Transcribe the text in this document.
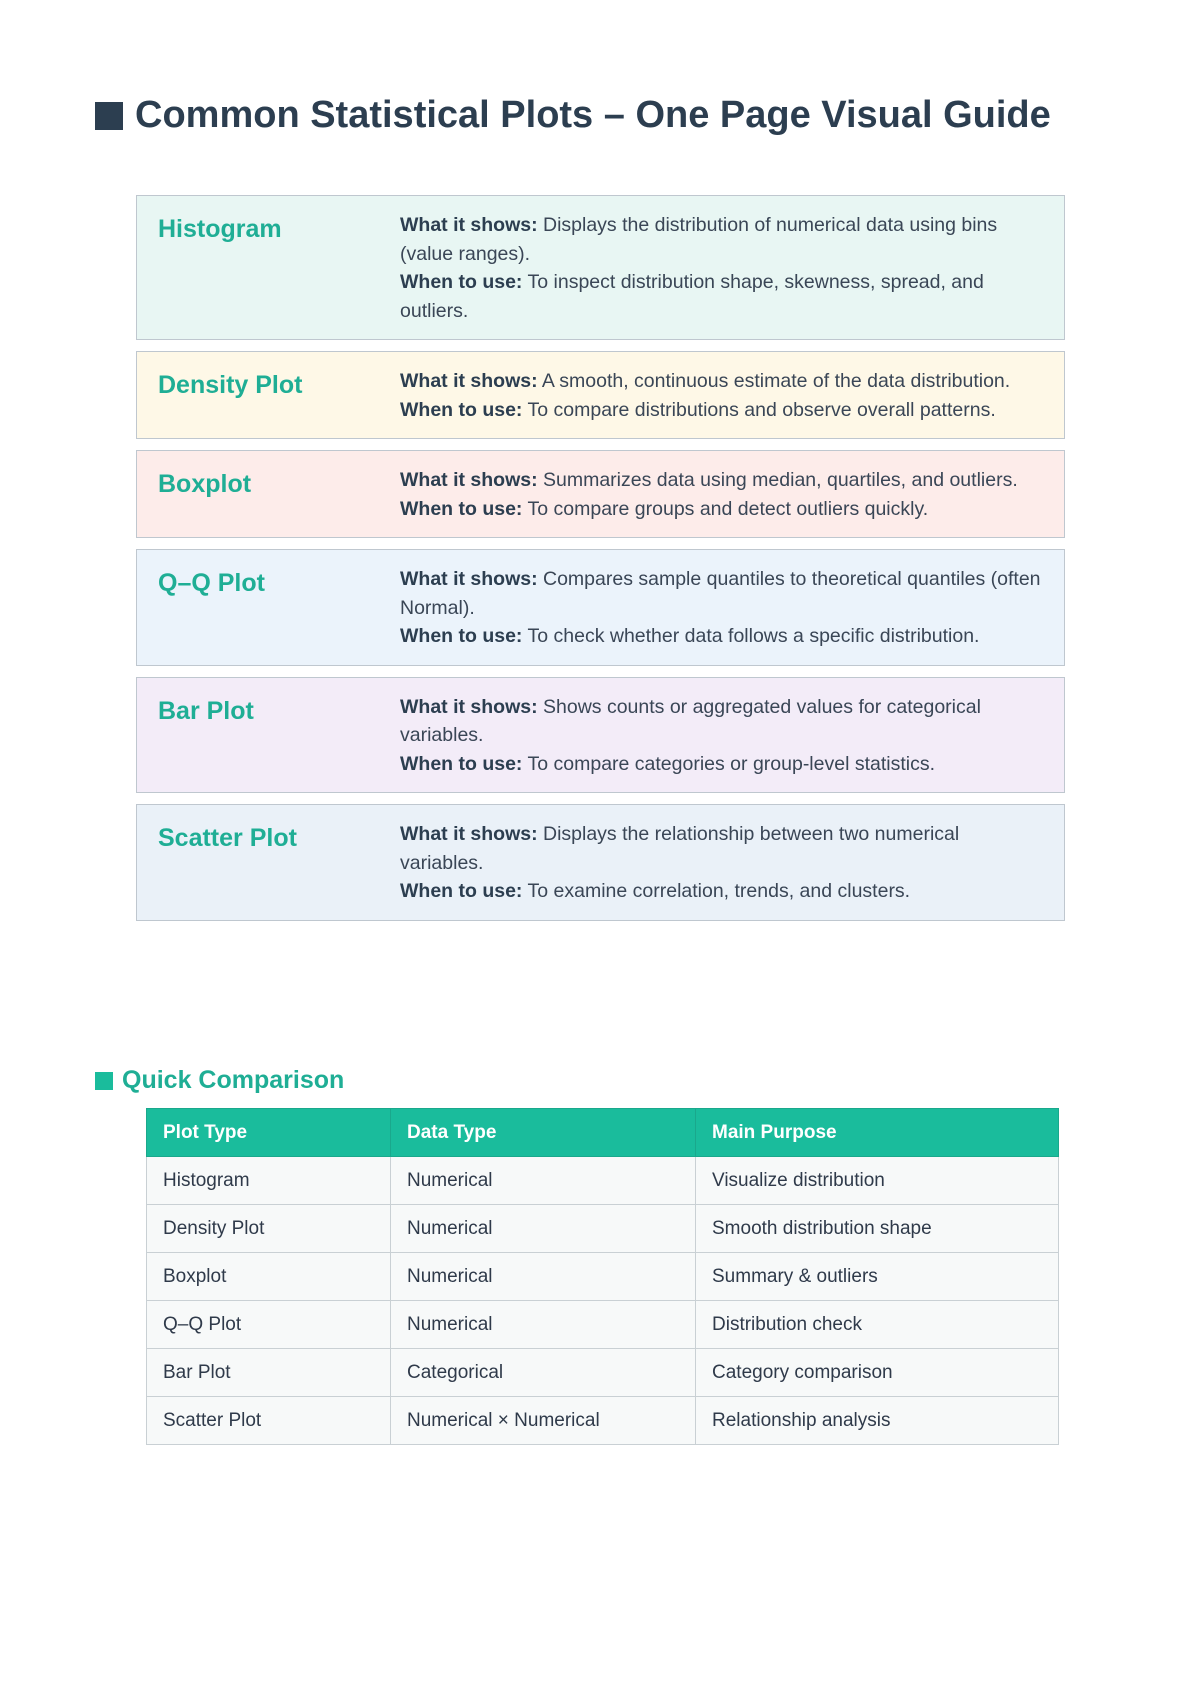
Common Statistical Plots – One Page Visual Guide
Histogram	What it shows: Displays the distribution of numerical data using bins (value ranges).
When to use: To inspect distribution shape, skewness, spread, and outliers.
Density Plot	What it shows: A smooth, continuous estimate of the data distribution.
When to use: To compare distributions and observe overall patterns.
Boxplot	What it shows: Summarizes data using median, quartiles, and outliers.
When to use: To compare groups and detect outliers quickly.
Q–Q Plot	What it shows: Compares sample quantiles to theoretical quantiles (often Normal).
When to use: To check whether data follows a specific distribution.
Bar Plot	What it shows: Shows counts or aggregated values for categorical variables.
When to use: To compare categories or group-level statistics.
Scatter Plot	What it shows: Displays the relationship between two numerical variables.
When to use: To examine correlation, trends, and clusters.
Quick Comparison
Plot Type	Data Type	Main Purpose
Histogram	Numerical	Visualize distribution
Density Plot	Numerical	Smooth distribution shape
Boxplot	Numerical	Summary & outliers
Q–Q Plot	Numerical	Distribution check
Bar Plot	Categorical	Category comparison
Scatter Plot	Numerical × Numerical	Relationship analysis
